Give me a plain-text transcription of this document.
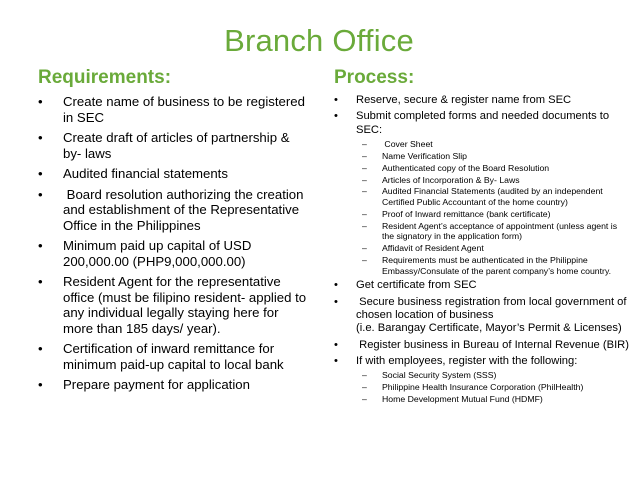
Branch Office
Requirements:	Process:
• Create name of business to be registered in SEC
• Create draft of articles of partnership & by- laws
• Audited financial statements
• Board resolution authorizing the creation and establishment of the Representative Office in the Philippines
• Minimum paid up capital of USD 200,000.00 (PHP9,000,000.00)
• Resident Agent for the representative office (must be filipino resident- applied to any individual legally staying here for more than 185 days/ year).
• Certification of inward remittance for minimum paid-up capital to local bank
• Prepare payment for application
• Reserve, secure & register name from SEC
• Submit completed forms and needed documents to SEC:
– Cover Sheet
– Name Verification Slip
– Authenticated copy of the Board Resolution
– Articles of Incorporation & By- Laws
– Audited Financial Statements (audited by an independent Certified Public Accountant of the home country)
– Proof of Inward remittance (bank certificate)
– Resident Agent’s acceptance of appointment (unless agent is the signatory in the application form)
– Affidavit of Resident Agent
– Requirements must be authenticated in the Philippine Embassy/Consulate of the parent company’s home country.
• Get certificate from SEC
• Secure business registration from local government of chosen location of business
(i.e. Barangay Certificate, Mayor’s Permit & Licenses)
• Register business in Bureau of Internal Revenue (BIR)
• If with employees, register with the following:
– Social Security System (SSS)
– Philippine Health Insurance Corporation (PhilHealth)
– Home Development Mutual Fund (HDMF)
